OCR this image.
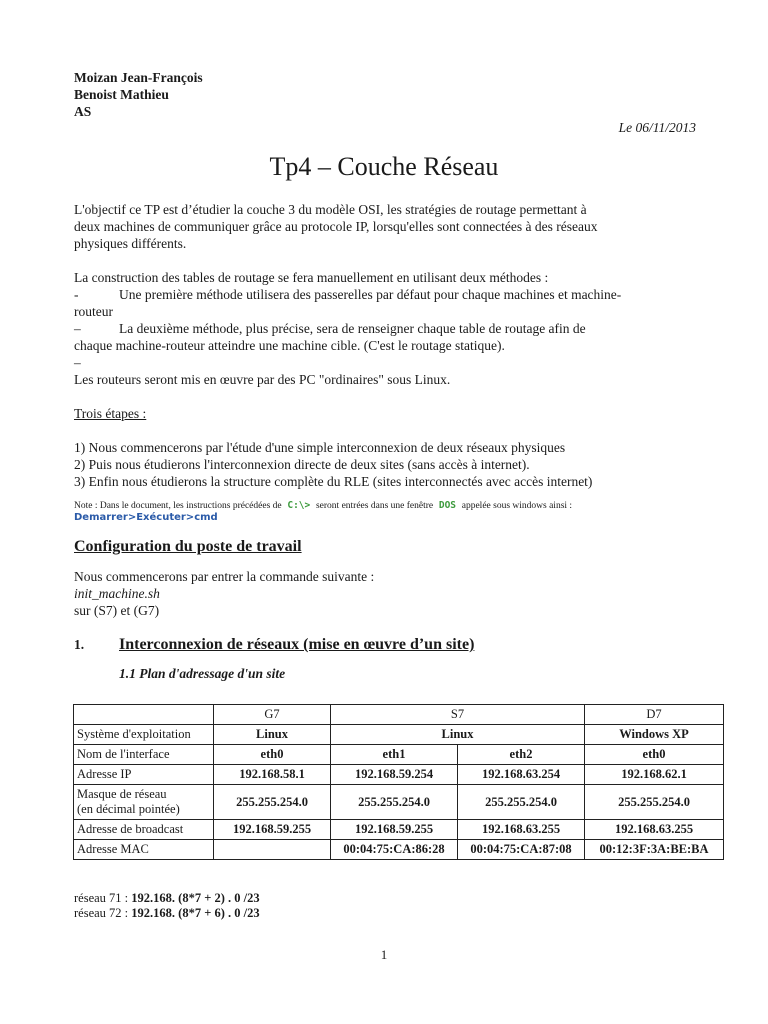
Moizan Jean-François
Benoist Mathieu
AS
Le 06/11/2013
Tp4 – Couche Réseau

L'objectif ce TP est d’étudier la couche 3 du modèle OSI, les stratégies de routage permettant à

deux machines de communiquer grâce au protocole IP, lorsqu'elles sont connectées à des réseaux

physiques différents.

La construction des tables de routage se fera manuellement en utilisant deux méthodes :

-	Une première méthode utilisera des passerelles par défaut pour chaque machines et machine-

routeur

–	La deuxième méthode, plus précise, sera de renseigner chaque table de routage afin de

chaque machine-routeur atteindre une machine cible. (C'est le routage statique).

–

Les routeurs seront mis en œuvre par des PC "ordinaires" sous Linux.

Trois étapes :

1) Nous commencerons par l'étude d'une simple interconnexion de deux réseaux physiques

2) Puis nous étudierons l'interconnexion directe de deux sites (sans accès à internet).

3) Enfin nous étudierons la structure complète du RLE (sites interconnectés avec accès internet)

Note : Dans le document, les instructions précédées de C:\> seront entrées dans une fenêtre DOS appelée sous windows ainsi :
Demarrer>Exécuter>cmd
Configuration du poste de travail

Nous commencerons par entrer la commande suivante :

init_machine.sh

sur (S7) et (G7)

1. Interconnexion de réseaux (mise en œuvre d’un site)
1.1 Plan d'adressage d'un site
	G7	S7		D7
Système d'exploitation	Linux	Linux		Windows XP
Nom de l'interface	eth0	eth1	eth2	eth0
Adresse IP	192.168.58.1	192.168.59.254	192.168.63.254	192.168.62.1

Masque de réseau
(en décimal pointée)	255.255.254.0	255.255.254.0	255.255.254.0	255.255.254.0
Adresse de broadcast	192.168.59.255	192.168.59.255	192.168.63.255	192.168.63.255
Adresse MAC		00:04:75:CA:86:28	00:04:75:CA:87:08	00:12:3F:3A:BE:BA
réseau 71 : 192.168. (8*7 + 2) . 0 /23
réseau 72 : 192.168. (8*7 + 6) . 0 /23
1
